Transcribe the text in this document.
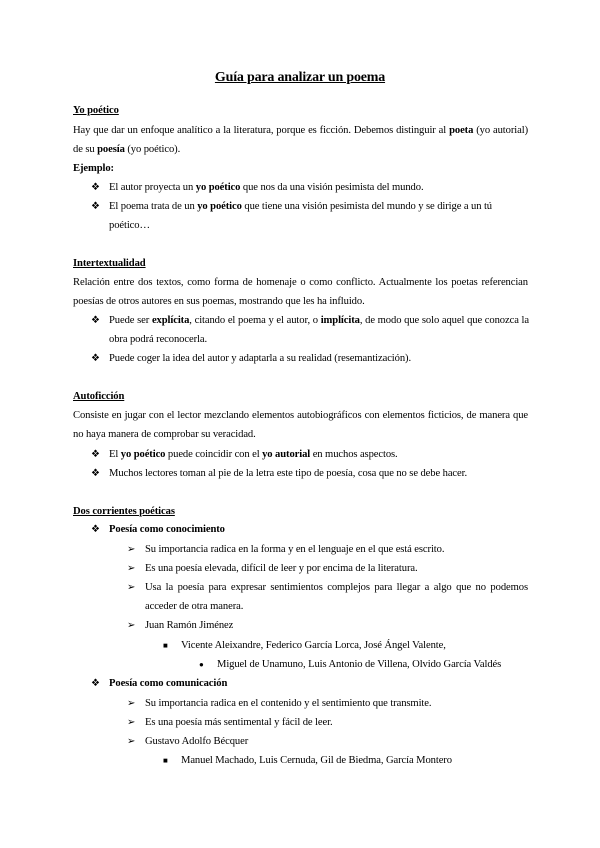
Guía para analizar un poema
Yo poético
Hay que dar un enfoque analítico a la literatura, porque es ficción. Debemos distinguir al poeta (yo autorial) de su poesía (yo poético).
Ejemplo:
❖ El autor proyecta un yo poético que nos da una visión pesimista del mundo.
❖ El poema trata de un yo poético que tiene una visión pesimista del mundo y se dirige a un tú poético…
Intertextualidad
Relación entre dos textos, como forma de homenaje o como conflicto. Actualmente los poetas referencian poesías de otros autores en sus poemas, mostrando que les ha influido.
❖ Puede ser explícita, citando el poema y el autor, o implícita, de modo que solo aquel que conozca la obra podrá reconocerla.
❖ Puede coger la idea del autor y adaptarla a su realidad (resemantización).
Autoficción
Consiste en jugar con el lector mezclando elementos autobiográficos con elementos ficticios, de manera que no haya manera de comprobar su veracidad.
❖ El yo poético puede coincidir con el yo autorial en muchos aspectos.
❖ Muchos lectores toman al pie de la letra este tipo de poesía, cosa que no se debe hacer.
Dos corrientes poéticas
❖ Poesía como conocimiento
➢ Su importancia radica en la forma y en el lenguaje en el que está escrito.
➢ Es una poesía elevada, difícil de leer y por encima de la literatura.
➢ Usa la poesía para expresar sentimientos complejos para llegar a algo que no podemos acceder de otra manera.
➢ Juan Ramón Jiménez
■ Vicente Aleixandre, Federico García Lorca, José Ángel Valente,
● Miguel de Unamuno, Luis Antonio de Villena, Olvido García Valdés
❖ Poesía como comunicación
➢ Su importancia radica en el contenido y el sentimiento que transmite.
➢ Es una poesía más sentimental y fácil de leer.
➢ Gustavo Adolfo Bécquer
■ Manuel Machado, Luis Cernuda, Gil de Biedma, García Montero
